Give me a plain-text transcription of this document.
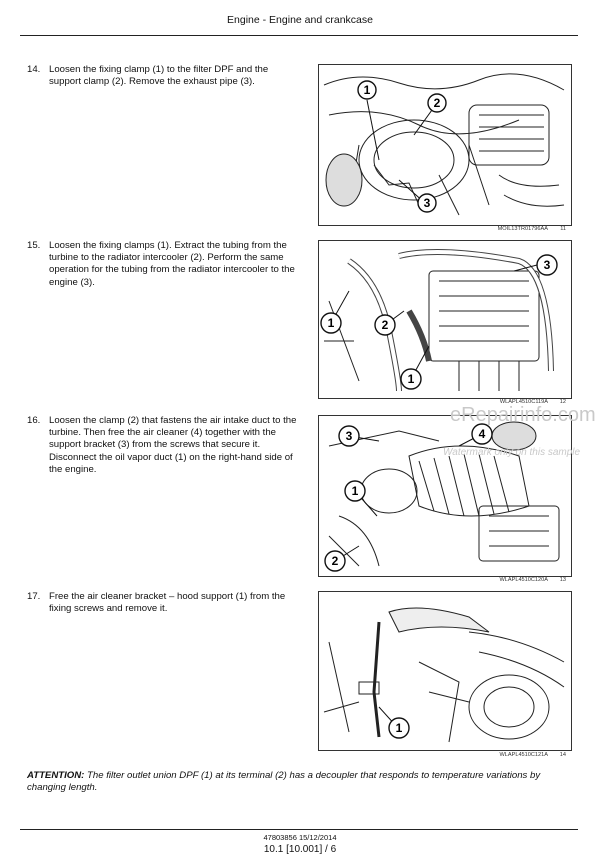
Engine - Engine and crankcase
14. Loosen the fixing clamp (1) to the filter DPF and the support clamp (2). Remove the exhaust pipe (3).
1
2
3
MOIL13TR01796AA 11
15. Loosen the fixing clamps (1). Extract the tubing from the turbine to the radiator intercooler (2). Perform the same operation for the tubing from the radiator intercooler to the engine (3).
3
1	2
1
WLAPL4510C119A 12
16. Loosen the clamp (2) that fastens the air intake duct to the turbine. Then free the air cleaner (4) together with the support bracket (3) from the screws that secure it. Disconnect the oil vapor duct (1) on the right-hand side of the engine.
3	4
1
2
WLAPL4510C120A 13
17. Free the air cleaner bracket – hood support (1) from the fixing screws and remove it.
1
WLAPL4510C121A 14
eRepairinfo.com
Watermark only on this sample
ATTENTION: The filter outlet union DPF (1) at its terminal (2) has a decoupler that responds to temperature variations by changing length.
47803856 15/12/2014
10.1 [10.001] / 6
